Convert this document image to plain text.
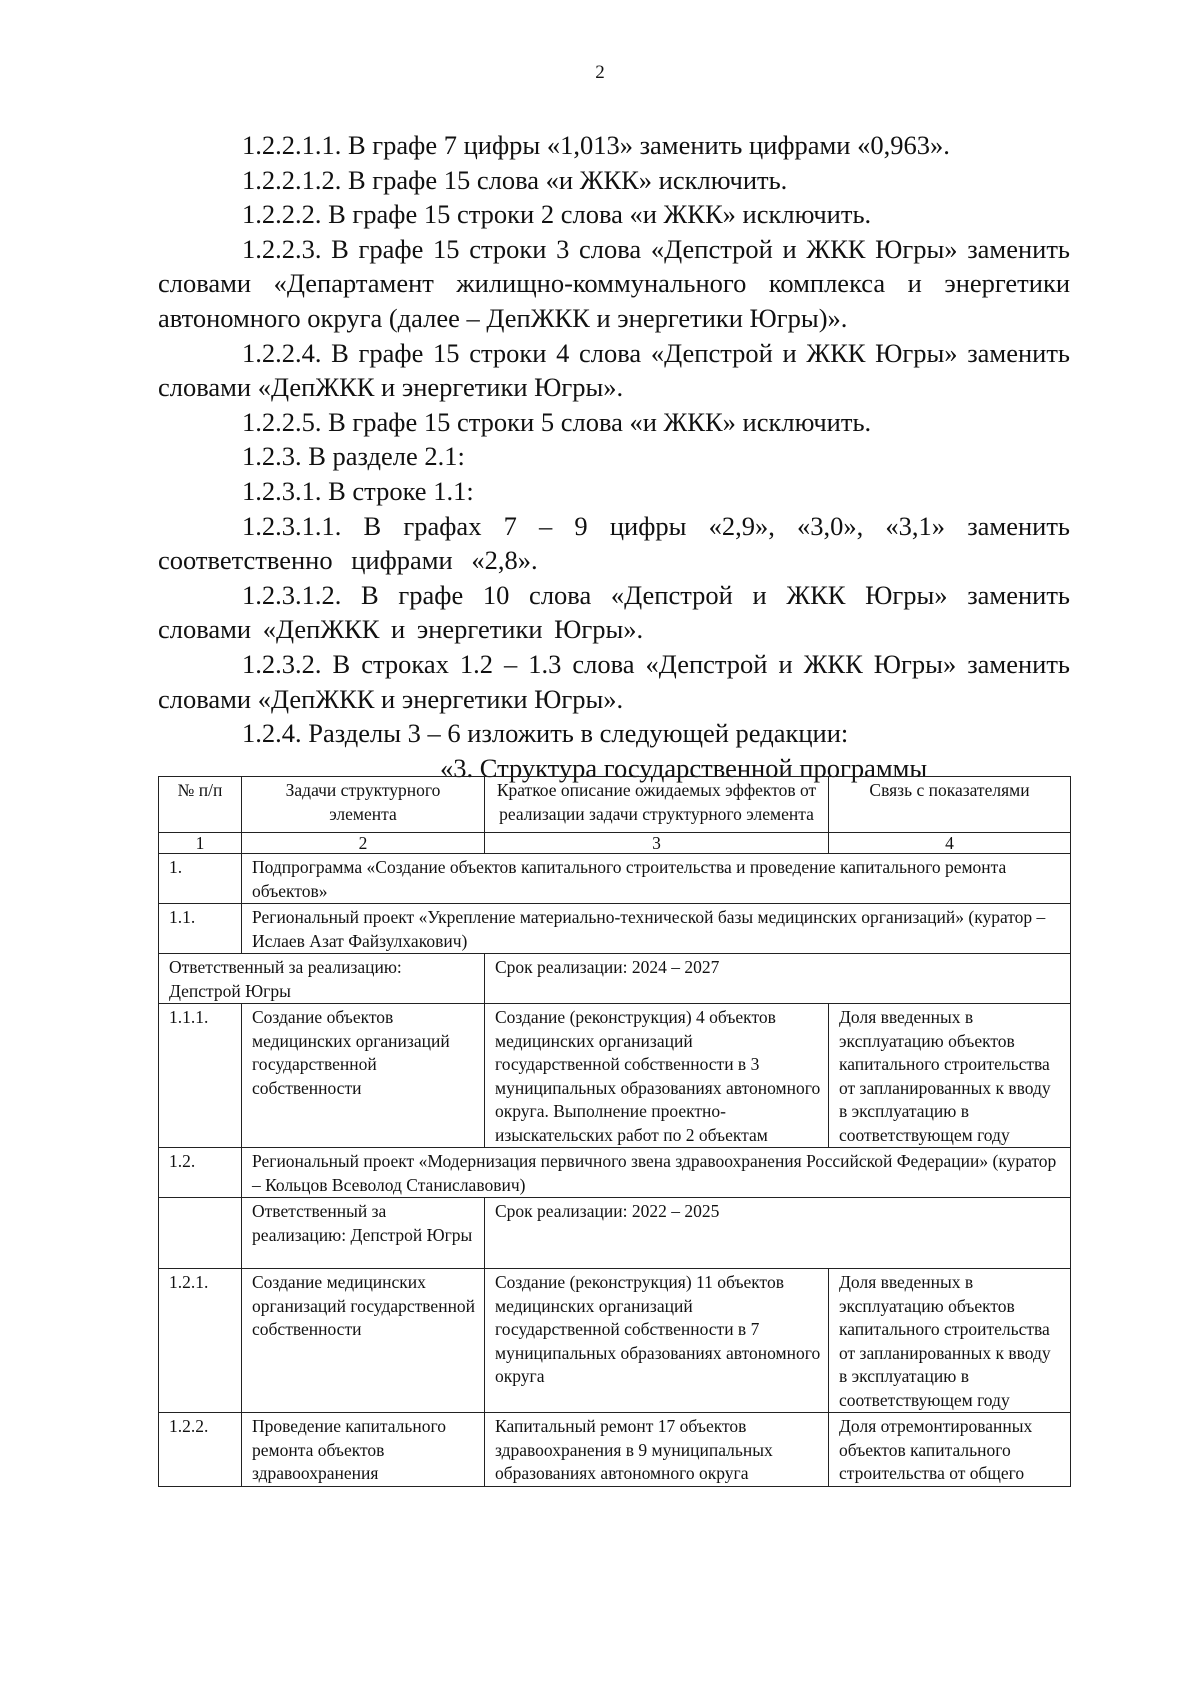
2

1.2.2.1.1. В графе 7 цифры «1,013» заменить цифрами «0,963».

1.2.2.1.2. В графе 15 слова «и ЖКК» исключить.

1.2.2.2. В графе 15 строки 2 слова «и ЖКК» исключить.

1.2.2.3. В графе 15 строки 3 слова «Депстрой и ЖКК Югры» заменить словами «Департамент жилищно-коммунального комплекса и энергетики автономного округа (далее – ДепЖКК и энергетики Югры)».

1.2.2.4. В графе 15 строки 4 слова «Депстрой и ЖКК Югры» заменить словами «ДепЖКК и энергетики Югры».

1.2.2.5. В графе 15 строки 5 слова «и ЖКК» исключить.

1.2.3. В разделе 2.1:

1.2.3.1. В строке 1.1:

1.2.3.1.1. В графах 7 – 9 цифры «2,9», «3,0», «3,1» заменить соответственно цифрами «2,8».

1.2.3.1.2. В графе 10 слова «Депстрой и ЖКК Югры» заменить словами «ДепЖКК и энергетики Югры».

1.2.3.2. В строках 1.2 – 1.3 слова «Депстрой и ЖКК Югры» заменить словами «ДепЖКК и энергетики Югры».

1.2.4. Разделы 3 – 6 изложить в следующей редакции:

«3. Структура государственной программы

№ п/п	Задачи структурного элемента	Краткое описание ожидаемых эффектов от реализации задачи структурного элемента	Связь с показателями
1	2	3	4
1.	Подпрограмма «Создание объектов капитального строительства и проведение капитального ремонта объектов»		
1.1.	Региональный проект «Укрепление материально-технической базы медицинских организаций» (куратор – Ислаев Азат Файзулхакович)		
Ответственный за реализацию: Депстрой Югры		Срок реализации: 2024 – 2027	
1.1.1.	Создание объектов медицинских организаций государственной собственности	Создание (реконструкция) 4 объектов медицинских организаций государственной собственности в 3 муниципальных образованиях автономного округа. Выполнение проектно-изыскательских работ по 2 объектам	Доля введенных в эксплуатацию объектов капитального строительства от запланированных к вводу в эксплуатацию в соответствующем году
1.2.	Региональный проект «Модернизация первичного звена здравоохранения Российской Федерации» (куратор – Кольцов Всеволод Станиславович)		
	Ответственный за реализацию: Депстрой Югры	Срок реализации: 2022 – 2025	
1.2.1.	Создание медицинских организаций государственной собственности	Создание (реконструкция) 11 объектов медицинских организаций государственной собственности в 7 муниципальных образованиях автономного округа	Доля введенных в эксплуатацию объектов капитального строительства от запланированных к вводу в эксплуатацию в соответствующем году
1.2.2.	Проведение капитального ремонта объектов здравоохранения	Капитальный ремонт 17 объектов здравоохранения в 9 муниципальных образованиях автономного округа	Доля отремонтированных объектов капитального строительства от общего
